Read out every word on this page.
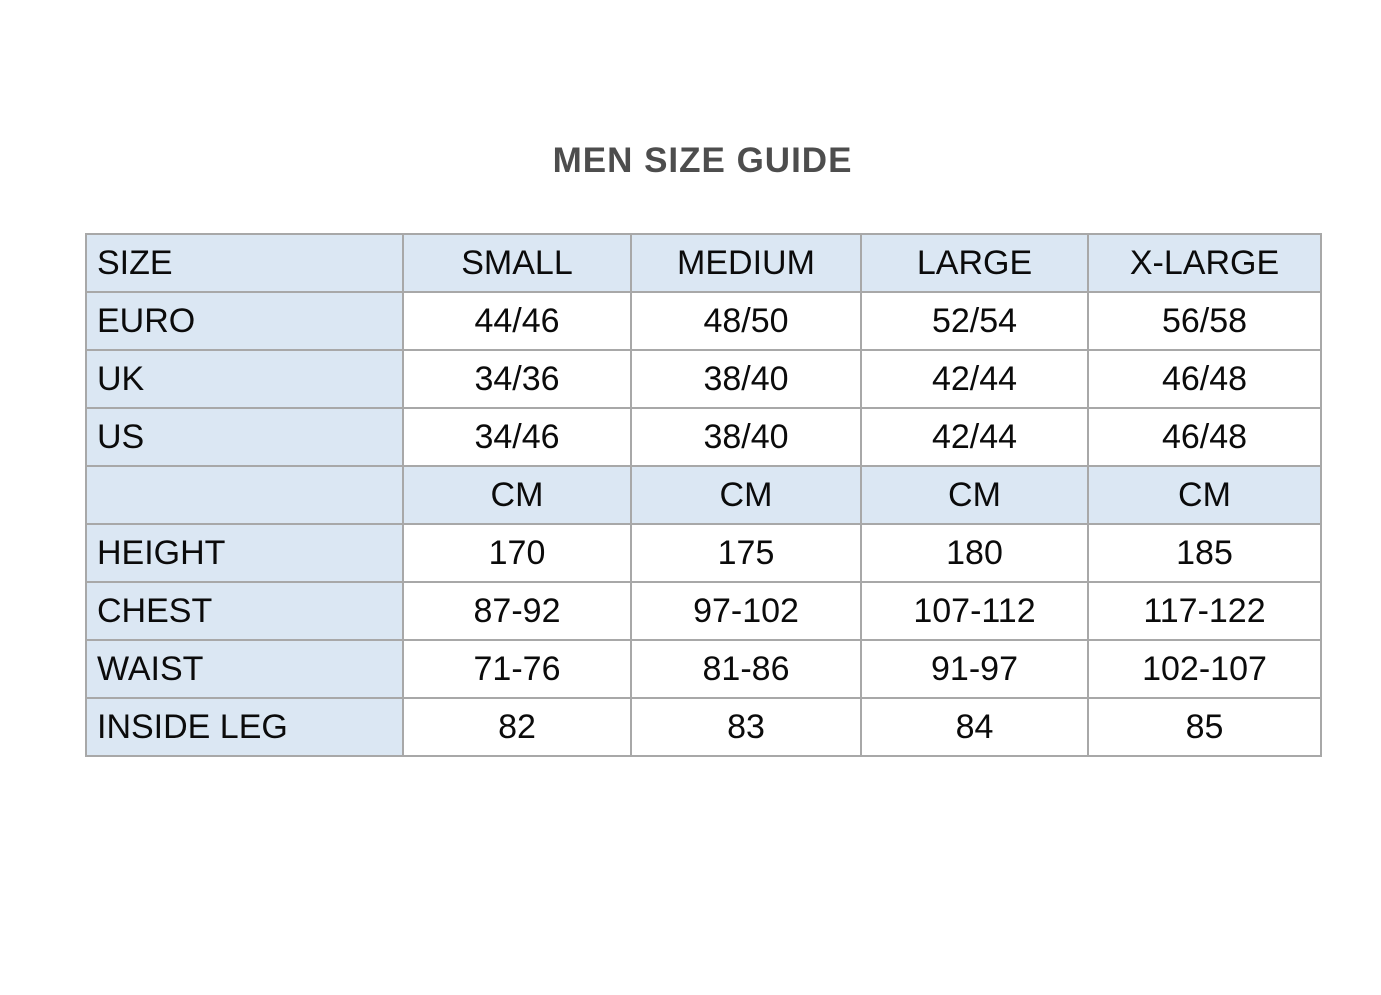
MEN SIZE GUIDE
SIZE	SMALL	MEDIUM	LARGE	X-LARGE
EURO	44/46	48/50	52/54	56/58
UK	34/36	38/40	42/44	46/48
US	34/46	38/40	42/44	46/48
	CM	CM	CM	CM
HEIGHT	170	175	180	185
CHEST	87-92	97-102	107-112	117-122
WAIST	71-76	81-86	91-97	102-107
INSIDE LEG	82	83	84	85
